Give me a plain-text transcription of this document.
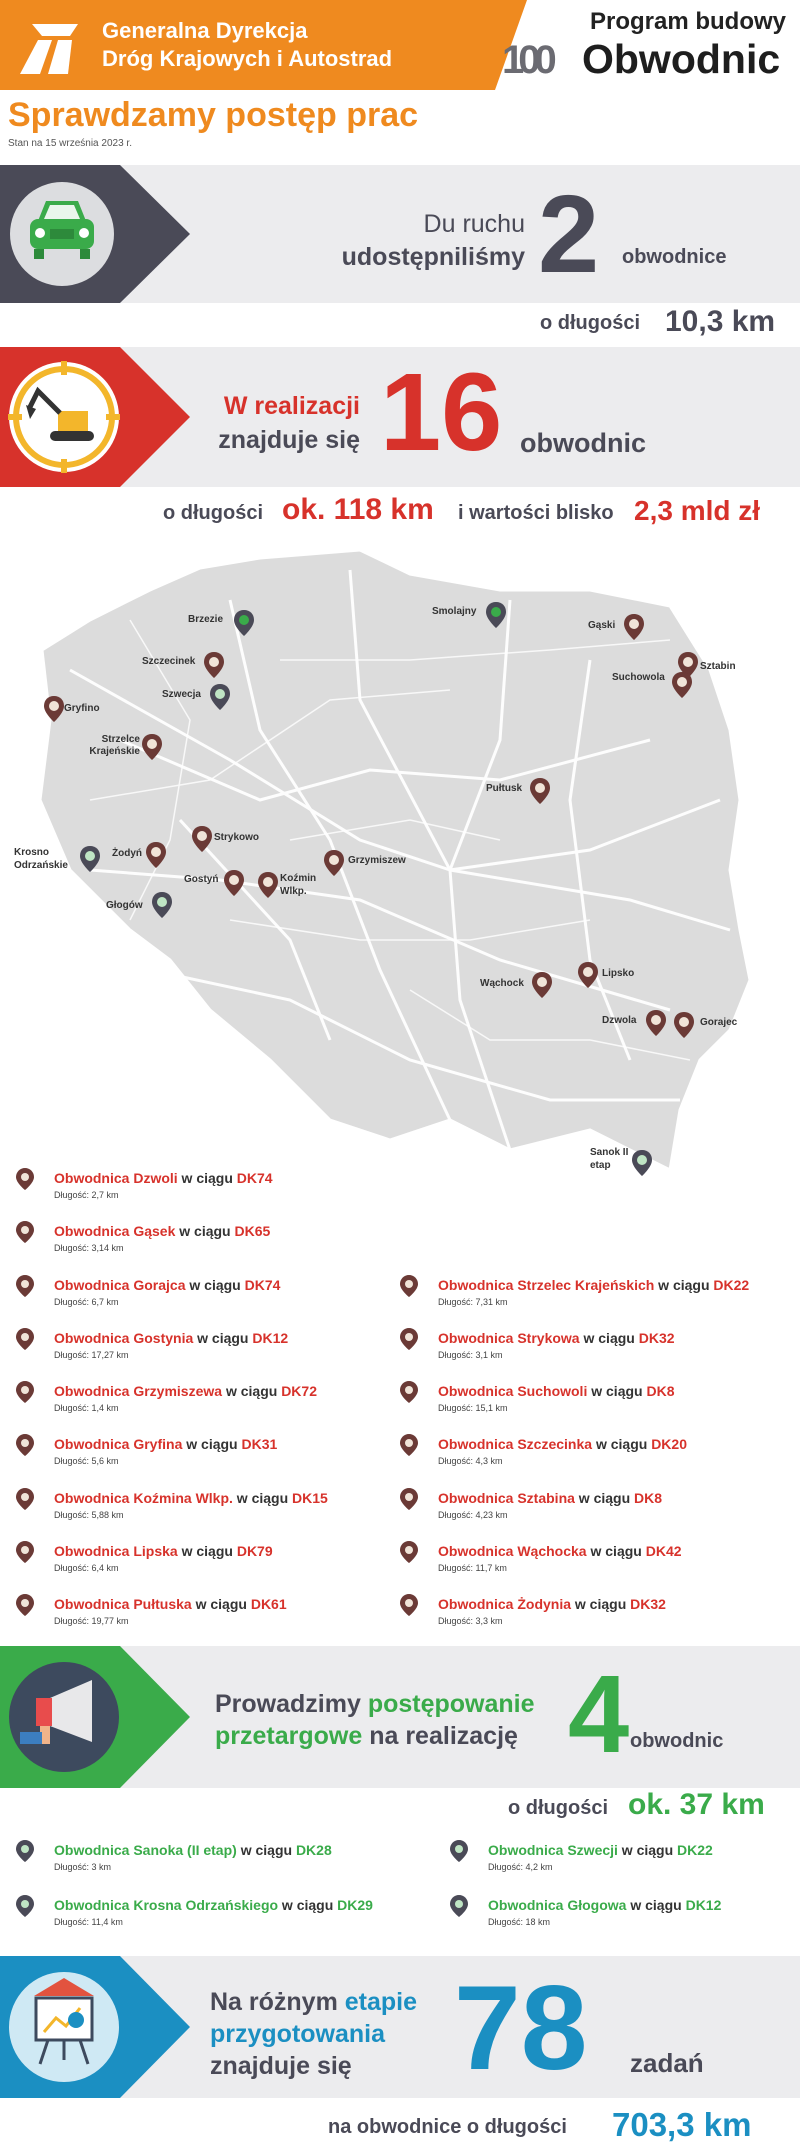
Generalna Dyrekcja
Dróg Krajowych i Autostrad
Program budowy
100 Obwodnic
Sprawdzamy postęp prac
Stan na 15 września 2023 r.
Du ruchu
udostępniliśmy 2 obwodnice
o długości 10,3 km
W realizacji
znajduje się 16 obwodnic
o długości ok. 118 km i wartości blisko 2,3 mld zł
Brzezie
Smolajny
Gąski
Sztabin
Szczecinek
Suchowola
Szwecja
Gryfino
Strzelce Krajeńskie
Pułtusk
Krosno Odrzańskie
Żodyń
Strykowo
Grzymiszew
Gostyń	Koźmin Wlkp.
Głogów
Wąchock
Lipsko
Dzwola	Gorajec
Sanok II etap
Obwodnica Dzwoli w ciągu DK74
Długość: 2,7 km
Obwodnica Gąsek w ciągu DK65
Długość: 3,14 km
Obwodnica Gorajca w ciągu DK74
Długość: 6,7 km
Obwodnica Gostynia w ciągu DK12
Długość: 17,27 km
Obwodnica Grzymiszewa w ciągu DK72
Długość: 1,4 km
Obwodnica Gryfina w ciągu DK31
Długość: 5,6 km
Obwodnica Koźmina Wlkp. w ciągu DK15
Długość: 5,88 km
Obwodnica Lipska w ciągu DK79
Długość: 6,4 km
Obwodnica Pułtuska w ciągu DK61
Długość: 19,77 km
Obwodnica Strzelec Krajeńskich w ciągu DK22
Długość: 7,31 km
Obwodnica Strykowa w ciągu DK32
Długość: 3,1 km
Obwodnica Suchowoli w ciągu DK8
Długość: 15,1 km
Obwodnica Szczecinka w ciągu DK20
Długość: 4,3 km
Obwodnica Sztabina w ciągu DK8
Długość: 4,23 km
Obwodnica Wąchocka w ciągu DK42
Długość: 11,7 km
Obwodnica Żodynia w ciągu DK32
Długość: 3,3 km
Prowadzimy postępowanie
przetargowe na realizację 4 obwodnic
o długości ok. 37 km
Obwodnica Sanoka (II etap) w ciągu DK28
Długość: 3 km
Obwodnica Krosna Odrzańskiego w ciągu DK29
Długość: 11,4 km
Obwodnica Szwecji w ciągu DK22
Długość: 4,2 km
Obwodnica Głogowa w ciągu DK12
Długość: 18 km
Na różnym etapie
przygotowania
znajduje się 78 zadań
na obwodnice o długości 703,3 km
